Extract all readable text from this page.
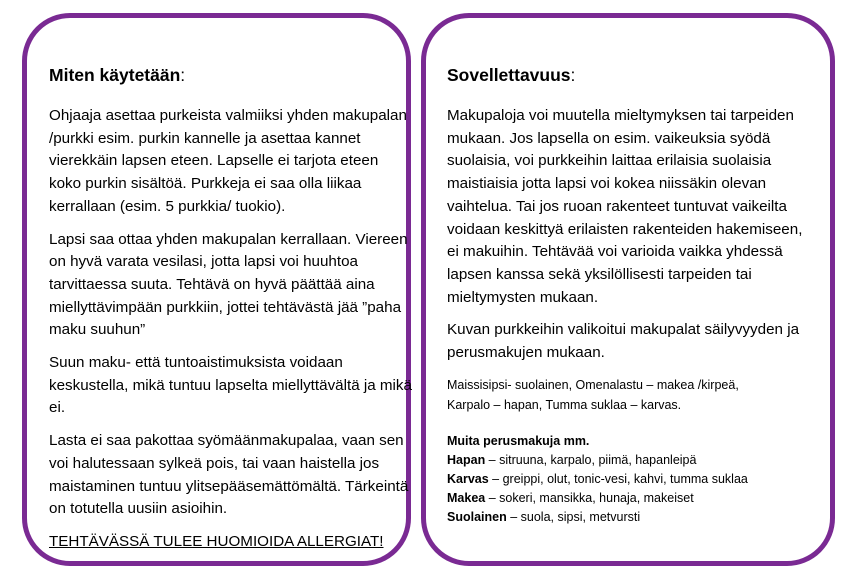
Miten käytetään:

Ohjaaja asettaa purkeista valmiiksi yhden makupalan /purkki esim. purkin kannelle ja asettaa kannet vierekkäin lapsen eteen. Lapselle ei tarjota eteen koko purkin sisältöä. Purkkeja ei saa olla liikaa kerrallaan (esim. 5 purkkia/ tuokio).

Lapsi saa ottaa yhden makupalan kerrallaan. Viereen on hyvä varata vesilasi, jotta lapsi voi huuhtoa tarvittaessa suuta. Tehtävä on hyvä päättää aina miellyttävimpään purkkiin, jottei tehtävästä jää ”paha maku suuhun”

Suun maku- että tuntoaistimuksista voidaan keskustella, mikä tuntuu lapselta miellyttävältä ja mikä ei.

Lasta ei saa pakottaa syömäänmakupalaa, vaan sen voi halutessaan sylkeä pois, tai vaan haistella jos maistaminen tuntuu ylitsepääsemättömältä. Tärkeintä on totutella uusiin asioihin.

TEHTÄVÄSSÄ TULEE HUOMIOIDA ALLERGIAT!

Sovellettavuus:

Makupaloja voi muutella mieltymyksen tai tarpeiden mukaan. Jos lapsella on esim. vaikeuksia syödä suolaisia, voi purkkeihin laittaa erilaisia suolaisia maistiaisia jotta lapsi voi kokea niissäkin olevan vaihtelua. Tai jos ruoan rakenteet tuntuvat vaikeilta voidaan keskittyä erilaisten rakenteiden hakemiseen, ei makuihin. Tehtävää voi varioida vaikka yhdessä lapsen kanssa sekä yksilöllisesti tarpeiden tai mieltymysten mukaan.

Kuvan purkkeihin valikoitui makupalat säilyvyyden ja perusmakujen mukaan.

Maissisipsi- suolainen, Omenalastu – makea /kirpeä,
Karpalo – hapan, Tumma suklaa – karvas.
Muita perusmakuja mm.
Hapan – sitruuna, karpalo, piimä, hapanleipä
Karvas – greippi, olut, tonic-vesi, kahvi, tumma suklaa
Makea – sokeri, mansikka, hunaja, makeiset
Suolainen – suola, sipsi, metvursti
